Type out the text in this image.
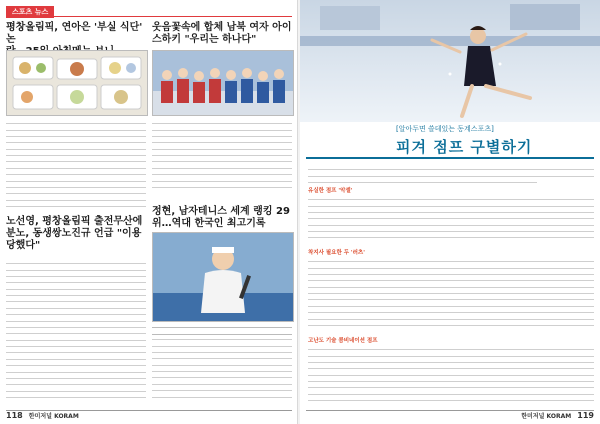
스포츠 뉴스
평창올림픽, 연아은 '부실 식단' 논
웃음꽃속에 합체 남북 여자 아이
스하키 "우리는 하나다"
노선영, 평창올림픽 출전무산에
분노, 동생쌍노진규 언급 "이용
당했다"
정현, 남자테니스 세계 랭킹 29
위…역대 한국인 최고기록
118 한미저널 KORAM
[알아두면 쓸데있는 동계스포츠]
피겨 점프 구별하기
유실한 점프 '악셀'
착지사 필요한 두 '러츠'
고난도 기술 콤비네이션 점프
한미저널 KORAM 119
